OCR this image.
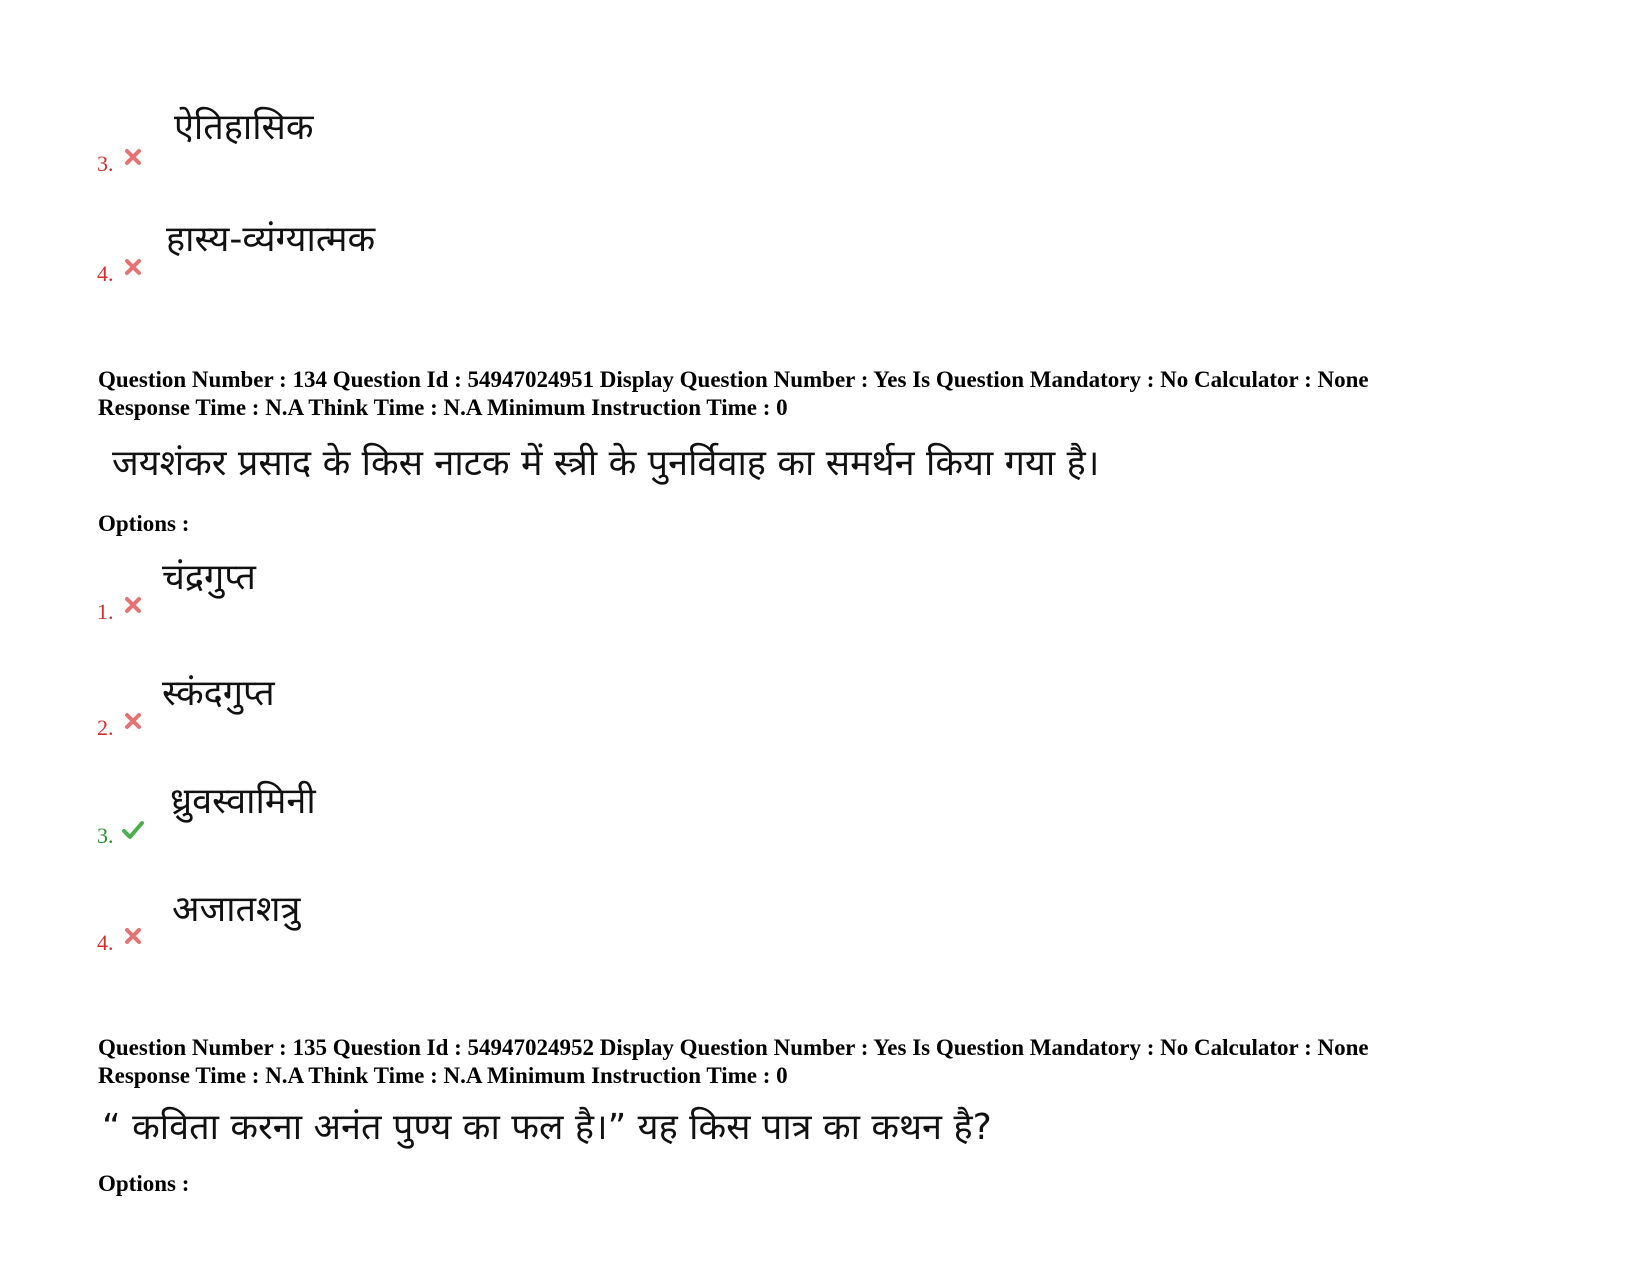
3.
ऐतिहासिक
4.
हास्य-व्यंग्यात्मक
Question Number : 134 Question Id : 54947024951 Display Question Number : Yes Is Question Mandatory : No Calculator : None
Response Time : N.A Think Time : N.A Minimum Instruction Time : 0
जयशंकर प्रसाद के किस नाटक में स्त्री के पुनर्विवाह का समर्थन किया गया है।
Options :
1.
चंद्रगुप्त
2.
स्कंदगुप्त
3.
ध्रुवस्वामिनी
4.
अजातशत्रु
Question Number : 135 Question Id : 54947024952 Display Question Number : Yes Is Question Mandatory : No Calculator : None
Response Time : N.A Think Time : N.A Minimum Instruction Time : 0
“ कविता करना अनंत पुण्य का फल है।” यह किस पात्र का कथन है?
Options :
